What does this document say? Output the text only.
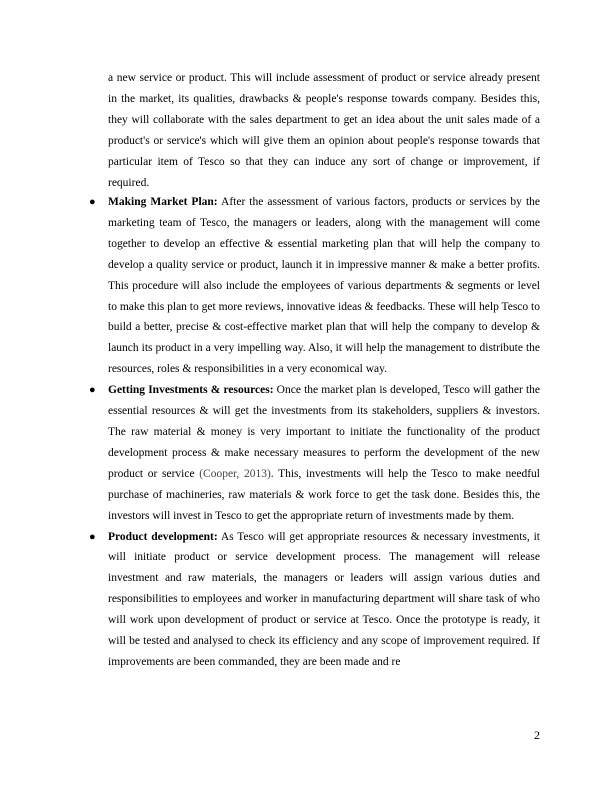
a new service or product. This will include assessment of product or service already present in the market, its qualities, drawbacks & people's response towards company. Besides this, they will collaborate with the sales department to get an idea about the unit sales made of a product's or service's which will give them an opinion about people's response towards that particular item of Tesco so that they can induce any sort of change or improvement, if required.

● Making Market Plan: After the assessment of various factors, products or services by the marketing team of Tesco, the managers or leaders, along with the management will come together to develop an effective & essential marketing plan that will help the company to develop a quality service or product, launch it in impressive manner & make a better profits. This procedure will also include the employees of various departments & segments or level to make this plan to get more reviews, innovative ideas & feedbacks. These will help Tesco to build a better, precise & cost-effective market plan that will help the company to develop & launch its product in a very impelling way. Also, it will help the management to distribute the resources, roles & responsibilities in a very economical way.

● Getting Investments & resources: Once the market plan is developed, Tesco will gather the essential resources & will get the investments from its stakeholders, suppliers & investors. The raw material & money is very important to initiate the functionality of the product development process & make necessary measures to perform the development of the new product or service (Cooper, 2013). This, investments will help the Tesco to make needful purchase of machineries, raw materials & work force to get the task done. Besides this, the investors will invest in Tesco to get the appropriate return of investments made by them.

● Product development: As Tesco will get appropriate resources & necessary investments, it will initiate product or service development process. The management will release investment and raw materials, the managers or leaders will assign various duties and responsibilities to employees and worker in manufacturing department will share task of who will work upon development of product or service at Tesco. Once the prototype is ready, it will be tested and analysed to check its efficiency and any scope of improvement required. If improvements are been commanded, they are been made and re

2
